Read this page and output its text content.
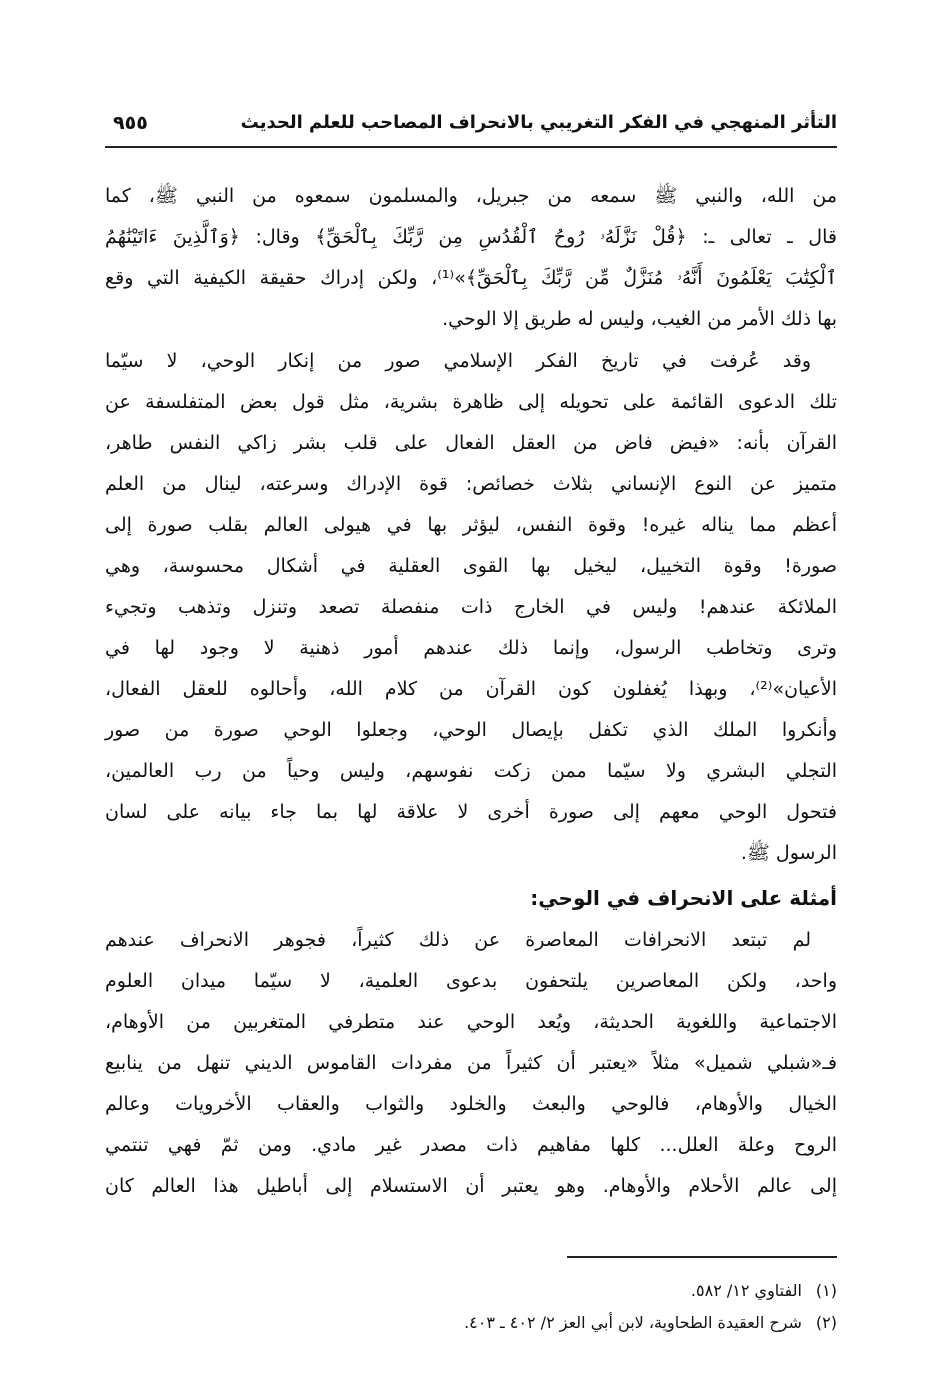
التأثر المنهجي في الفكر التغريبي بالانحراف المصاحب للعلم الحديث
٩٥٥
من الله، والنبي ﷺ سمعه من جبريل، والمسلمون سمعوه من النبي ﷺ، كما
قال ـ تعالى ـ: ﴿قُلْ نَزَّلَهُۥ رُوحُ ٱلْقُدُسِ مِن رَّبِّكَ بِٱلْحَقِّ﴾ وقال: ﴿وَٱلَّذِينَ ءَاتَيْنَٰهُمُ
ٱلْكِتَٰبَ يَعْلَمُونَ أَنَّهُۥ مُنَزَّلٌ مِّن رَّبِّكَ بِٱلْحَقِّ﴾»⁽¹⁾، ولكن إدراك حقيقة الكيفية التي وقع
بها ذلك الأمر من الغيب، وليس له طريق إلا الوحي.
وقد عُرفت في تاريخ الفكر الإسلامي صور من إنكار الوحي، لا سيّما
تلك الدعوى القائمة على تحويله إلى ظاهرة بشرية، مثل قول بعض المتفلسفة عن
القرآن بأنه: «فيض فاض من العقل الفعال على قلب بشر زاكي النفس طاهر،
متميز عن النوع الإنساني بثلاث خصائص: قوة الإدراك وسرعته، لينال من العلم
أعظم مما يناله غيره! وقوة النفس، ليؤثر بها في هيولى العالم بقلب صورة إلى
صورة! وقوة التخييل، ليخيل بها القوى العقلية في أشكال محسوسة، وهي
الملائكة عندهم! وليس في الخارج ذات منفصلة تصعد وتنزل وتذهب وتجيء
وترى وتخاطب الرسول، وإنما ذلك عندهم أمور ذهنية لا وجود لها في
الأعيان»⁽²⁾، وبهذا يُغفلون كون القرآن من كلام الله، وأحالوه للعقل الفعال،
وأنكروا الملك الذي تكفل بإيصال الوحي، وجعلوا الوحي صورة من صور
التجلي البشري ولا سيّما ممن زكت نفوسهم، وليس وحياً من رب العالمين،
فتحول الوحي معهم إلى صورة أخرى لا علاقة لها بما جاء بيانه على لسان
الرسول ﷺ.
لم تبتعد الانحرافات المعاصرة عن ذلك كثيراً، فجوهر الانحراف عندهم
واحد، ولكن المعاصرين يلتحفون بدعوى العلمية، لا سيّما ميدان العلوم
الاجتماعية واللغوية الحديثة، ويُعد الوحي عند متطرفي المتغربين من الأوهام،
فـ«شبلي شميل» مثلاً «يعتبر أن كثيراً من مفردات القاموس الديني تنهل من ينابيع
الخيال والأوهام، فالوحي والبعث والخلود والثواب والعقاب الأخرويات وعالم
الروح وعلة العلل... كلها مفاهيم ذات مصدر غير مادي. ومن ثمّ فهي تنتمي
إلى عالم الأحلام والأوهام. وهو يعتبر أن الاستسلام إلى أباطيل هذا العالم كان
أمثلة على الانحراف في الوحي:
(١)الفتاوي ١٢/ ٥٨٢.
(٢)شرح العقيدة الطحاوية، لابن أبي العز ٢/ ٤٠٢ ـ ٤٠٣.
